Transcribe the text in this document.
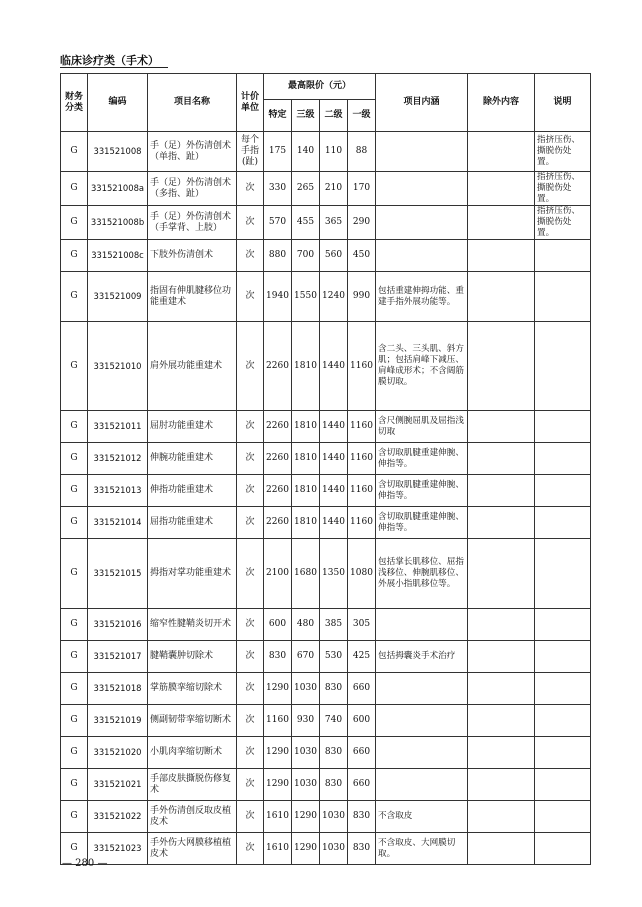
临床诊疗类（手术）
财务分类	编码	项目名称	计价单位	最高限价（元）				项目内涵	除外内容	说明
				特定	三级	二级	一级			
G	331521008	手（足）外伤清创术（单指、趾）	每个手指(趾)	175	140	110	88			指挤压伤、撕脱伤处置。
G	331521008a	手（足）外伤清创术（多指、趾）	次	330	265	210	170			指挤压伤、撕脱伤处置。
G	331521008b	手（足）外伤清创术（手掌背、上肢）	次	570	455	365	290			指挤压伤、撕脱伤处置。
G	331521008c	下肢外伤清创术	次	880	700	560	450			
G	331521009	指固有伸肌腱移位功能重建术	次	1940	1550	1240	990	包括重建伸拇功能、重建手指外展功能等。		
G	331521010	肩外展功能重建术	次	2260	1810	1440	1160	含二头、三头肌、斜方肌；包括肩峰下减压、肩峰成形术；不含阔筋膜切取。		
G	331521011	屈肘功能重建术	次	2260	1810	1440	1160	含尺侧腕屈肌及屈指浅切取		
G	331521012	伸腕功能重建术	次	2260	1810	1440	1160	含切取肌腱重建伸腕、伸指等。		
G	331521013	伸指功能重建术	次	2260	1810	1440	1160	含切取肌腱重建伸腕、伸指等。		
G	331521014	屈指功能重建术	次	2260	1810	1440	1160	含切取肌腱重建伸腕、伸指等。		
G	331521015	拇指对掌功能重建术	次	2100	1680	1350	1080	包括掌长肌移位、屈指浅移位、伸腕肌移位、外展小指肌移位等。		
G	331521016	缩窄性腱鞘炎切开术	次	600	480	385	305			
G	331521017	腱鞘囊肿切除术	次	830	670	530	425	包括拇囊炎手术治疗		
G	331521018	掌筋膜挛缩切除术	次	1290	1030	830	660			
G	331521019	侧副韧带挛缩切断术	次	1160	930	740	600			
G	331521020	小肌肉挛缩切断术	次	1290	1030	830	660			
G	331521021	手部皮肤撕脱伤修复术	次	1290	1030	830	660			
G	331521022	手外伤清创反取皮植皮术	次	1610	1290	1030	830	不含取皮		
G	331521023	手外伤大网膜移植植皮术	次	1610	1290	1030	830	不含取皮、大网膜切取。		
— 280 —
